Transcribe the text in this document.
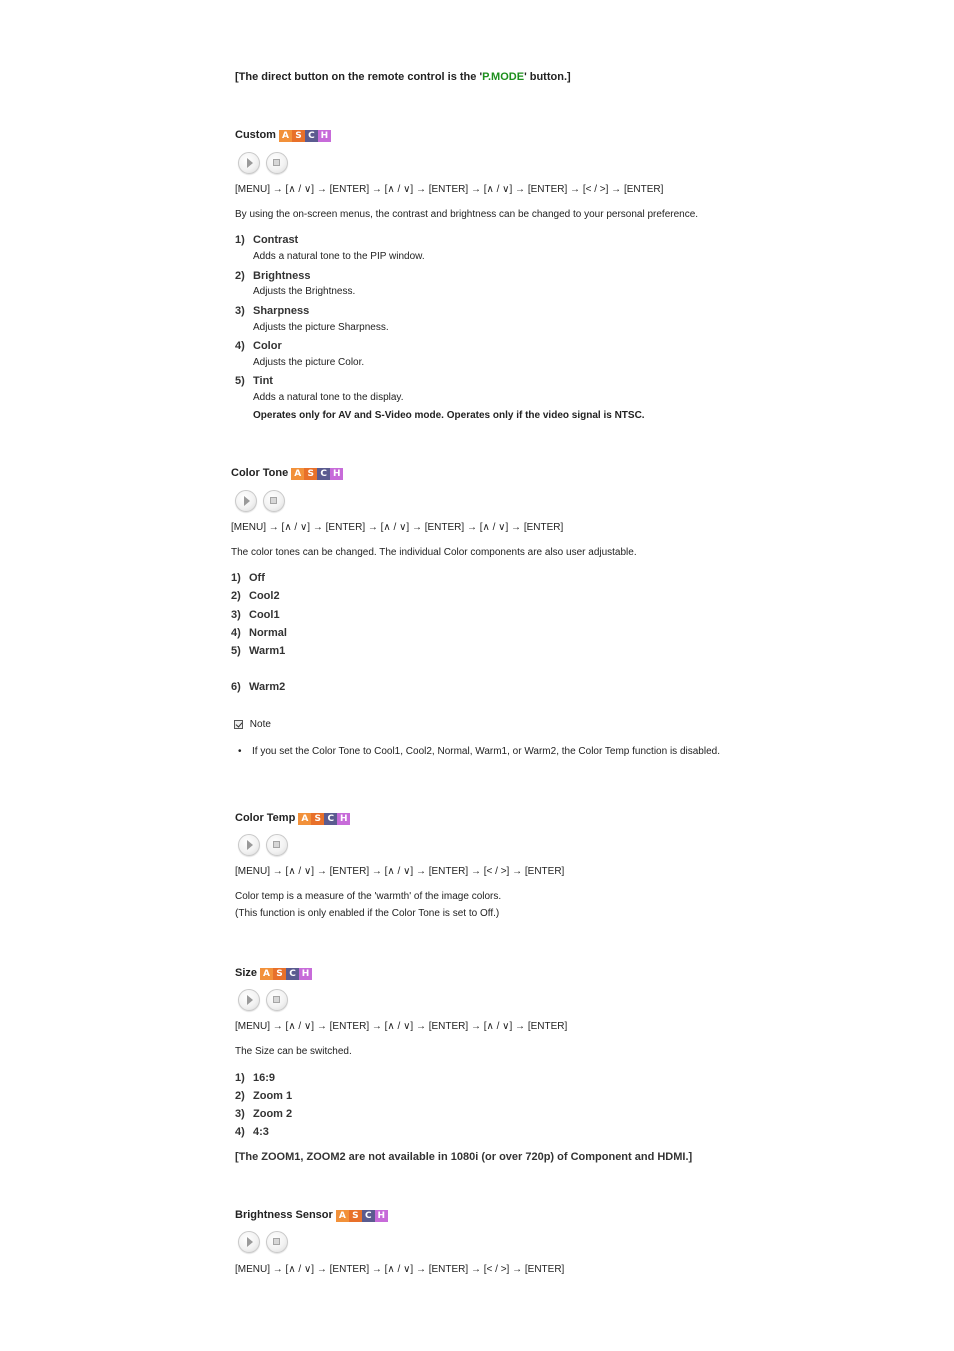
[The direct button on the remote control is the 'P.MODE' button.]
Custom A S C H
[MENU] → [∧ / ∨] → [ENTER] → [∧ / ∨] → [ENTER] → [∧ / ∨] → [ENTER] → [< / >] → [ENTER]
By using the on-screen menus, the contrast and brightness can be changed to your personal preference.
1) Contrast
Adds a natural tone to the PIP window.
2) Brightness
Adjusts the Brightness.
3) Sharpness
Adjusts the picture Sharpness.
4) Color
Adjusts the picture Color.
5) Tint
Adds a natural tone to the display.
Operates only for AV and S-Video mode. Operates only if the video signal is NTSC.
Color Tone A S C H
[MENU] → [∧ / ∨] → [ENTER] → [∧ / ∨] → [ENTER] → [∧ / ∨] → [ENTER]
The color tones can be changed. The individual Color components are also user adjustable.
1) Off
2) Cool2
3) Cool1
4) Normal
5) Warm1
6) Warm2
Note
• If you set the Color Tone to Cool1, Cool2, Normal, Warm1, or Warm2, the Color Temp function is disabled.
Color Temp A S C H
[MENU] → [∧ / ∨] → [ENTER] → [∧ / ∨] → [ENTER] → [< / >] → [ENTER]
Color temp is a measure of the 'warmth' of the image colors.
(This function is only enabled if the Color Tone is set to Off.)
Size A S C H
[MENU] → [∧ / ∨] → [ENTER] → [∧ / ∨] → [ENTER] → [∧ / ∨] → [ENTER]
The Size can be switched.
1) 16:9
2) Zoom 1
3) Zoom 2
4) 4:3
[The ZOOM1, ZOOM2 are not available in 1080i (or over 720p) of Component and HDMI.]
Brightness Sensor A S C H
[MENU] → [∧ / ∨] → [ENTER] → [∧ / ∨] → [ENTER] → [< / >] → [ENTER]
